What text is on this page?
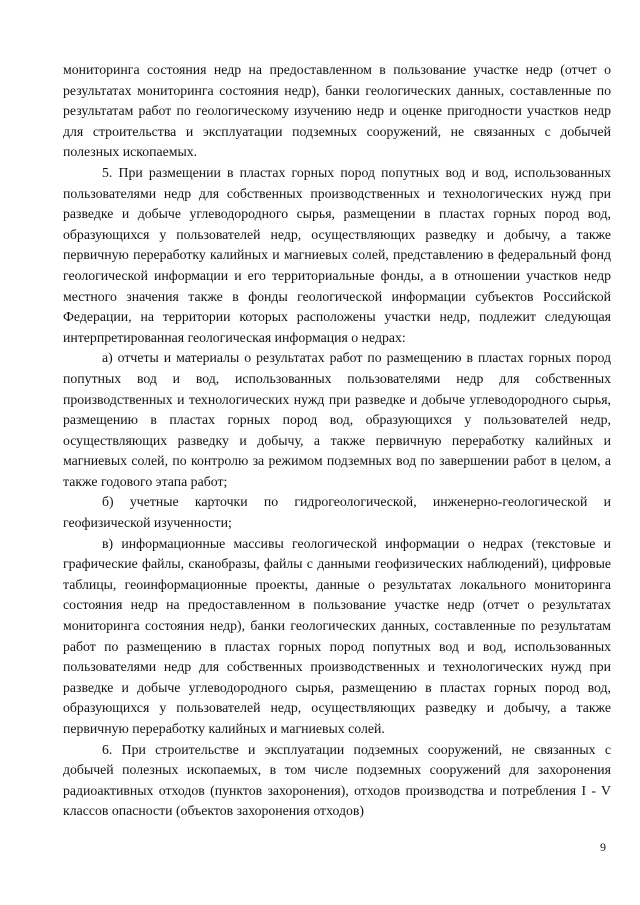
мониторинга состояния недр на предоставленном в пользование участке недр (отчет о результатах мониторинга состояния недр), банки геологических данных, составленные по результатам работ по геологическому изучению недр и оценке пригодности участков недр для строительства и эксплуатации подземных сооружений, не связанных с добычей полезных ископаемых.

5. При размещении в пластах горных пород попутных вод и вод, использованных пользователями недр для собственных производственных и технологических нужд при разведке и добыче углеводородного сырья, размещении в пластах горных пород вод, образующихся у пользователей недр, осуществляющих разведку и добычу, а также первичную переработку калийных и магниевых солей, представлению в федеральный фонд геологической информации и его территориальные фонды, а в отношении участков недр местного значения также в фонды геологической информации субъектов Российской Федерации, на территории которых расположены участки недр, подлежит следующая интерпретированная геологическая информация о недрах:

а) отчеты и материалы о результатах работ по размещению в пластах горных пород попутных вод и вод, использованных пользователями недр для собственных производственных и технологических нужд при разведке и добыче углеводородного сырья, размещению в пластах горных пород вод, образующихся у пользователей недр, осуществляющих разведку и добычу, а также первичную переработку калийных и магниевых солей, по контролю за режимом подземных вод по завершении работ в целом, а также годового этапа работ;

б) учетные карточки по гидрогеологической, инженерно-геологической и геофизической изученности;

в) информационные массивы геологической информации о недрах (текстовые и графические файлы, сканобразы, файлы с данными геофизических наблюдений), цифровые таблицы, геоинформационные проекты, данные о результатах локального мониторинга состояния недр на предоставленном в пользование участке недр (отчет о результатах мониторинга состояния недр), банки геологических данных, составленные по результатам работ по размещению в пластах горных пород попутных вод и вод, использованных пользователями недр для собственных производственных и технологических нужд при разведке и добыче углеводородного сырья, размещению в пластах горных пород вод, образующихся у пользователей недр, осуществляющих разведку и добычу, а также первичную переработку калийных и магниевых солей.

6. При строительстве и эксплуатации подземных сооружений, не связанных с добычей полезных ископаемых, в том числе подземных сооружений для захоронения радиоактивных отходов (пунктов захоронения), отходов производства и потребления I - V классов опасности (объектов захоронения отходов)

9
